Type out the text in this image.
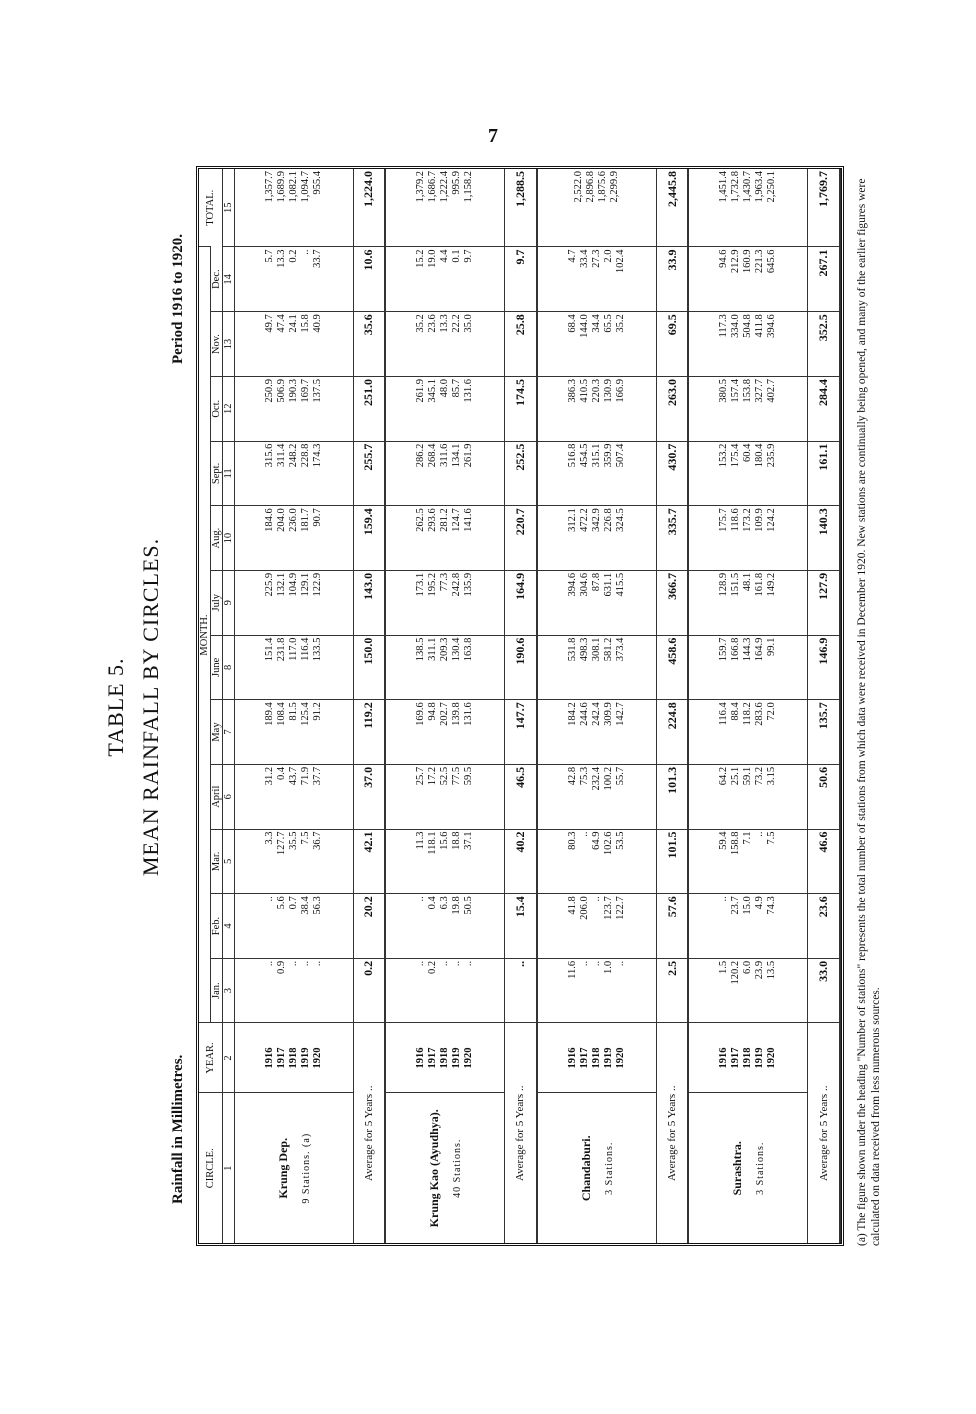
7
TABLE 5. MEAN RAINFALL BY CIRCLES.
Rainfall in Millimetres.
Period 1916 to 1920.
CIRCLE.	YEAR.	MONTH.												TOTAL.
		Jan.	Feb.	Mar.	April	May	June	July	Aug.	Sept.	Oct.	Nov.	Dec.	
1	2	3	4	5	6	7	8	9	10	11	12	13	14	15

Krung Dep. 9 Stations. (a)	1916 1917 1918 1919 1920	.. 0.9 .. .. ..	.. 5.6 0.7 38.4 56.3	3.3 127.7 35.5 7.5 36.7	31.2 0.4 43.7 71.9 37.7	189.4 108.4 81.5 125.4 91.2	151.4 231.8 117.0 116.4 133.5	225.9 132.1 104.9 129.1 122.9	184.6 204.0 236.0 181.7 90.7	315.6 311.4 248.2 228.8 174.3	250.9 506.9 190.3 169.7 137.5	49.7 47.4 24.1 15.8 40.9	5.7 13.3 0.2 .. 33.7	1,357.7 1,689.9 1,082.1 1,094.7 955.4

Average for 5 Years ..		0.2	20.2	42.1	37.0	119.2	150.0	143.0	159.4	255.7	251.0	35.6	10.6	1,224.0

Krung Kao (Ayudhya). 40 Stations.	1916 1917 1918 1919 1920	.. 0.2 .. .. ..	.. 0.4 6.3 19.8 50.5	11.3 118.1 15.6 18.8 37.1	25.7 17.2 52.5 77.5 59.5	169.6 94.8 202.7 139.8 131.6	138.5 311.1 209.3 130.4 163.8	173.1 195.2 77.3 242.8 135.9	262.5 293.6 281.2 124.7 141.6	286.2 268.4 311.6 134.1 261.9	261.9 345.1 48.0 85.7 131.6	35.2 23.6 13.3 22.2 35.0	15.2 19.0 4.4 0.1 9.7	1,379.2 1,686.7 1,222.4 995.9 1,158.2

Average for 5 Years ..		..	15.4	40.2	46.5	147.7	190.6	164.9	220.7	252.5	174.5	25.8	9.7	1,288.5

Chandaburi. 3 Stations.	1916 1917 1918 1919 1920	11.6 .. .. 1.0 ..	41.8 206.0 .. 123.7 122.7	80.3 .. 64.9 102.6 53.5	42.8 75.3 232.4 100.2 55.7	184.2 244.6 242.4 309.9 142.7	531.8 498.3 308.1 581.2 373.4	394.6 304.6 87.8 631.1 415.5	312.1 472.2 342.9 226.8 324.5	516.8 454.5 315.1 359.9 507.4	386.3 410.5 220.3 130.9 166.9	68.4 144.0 34.4 65.5 35.2	4.7 33.4 27.3 2.0 102.4	2,522.0 2,896.8 1,875.6 2,299.9

Average for 5 Years ..		2.5	57.6	101.5	101.3	224.8	458.6	366.7	335.7	430.7	263.0	69.5	33.9	2,445.8

Surashtra. 3 Stations.	1916 1917 1918 1919 1920	1.5 120.2 6.0 23.9 13.5	.. 23.7 15.0 4.9 74.3	59.4 158.8 7.1 .. 7.5	64.2 25.1 59.1 73.2 3.15	116.4 88.4 118.2 283.6 72.0	159.7 166.8 144.3 164.9 99.1	128.9 151.5 48.1 161.8 149.2	175.7 118.6 173.2 109.9 124.2	153.2 175.4 60.4 180.4 235.9	380.5 157.4 153.8 327.7 402.7	117.3 334.0 504.8 411.8 394.6	94.6 212.9 160.9 221.3 645.6	1,451.4 1,732.8 1,430.7 1,963.4 2,250.1

Average for 5 Years ..		33.0	23.6	46.6	50.6	135.7	146.9	127.9	140.3	161.1	284.4	352.5	267.1	1,769.7 (a) The figure shown under the heading "Number of stations" represents the total number of stations from which data were received in December 1920. New stations are continually being opened, and many of the earlier figures were calculated on data received from less numerous sources.
